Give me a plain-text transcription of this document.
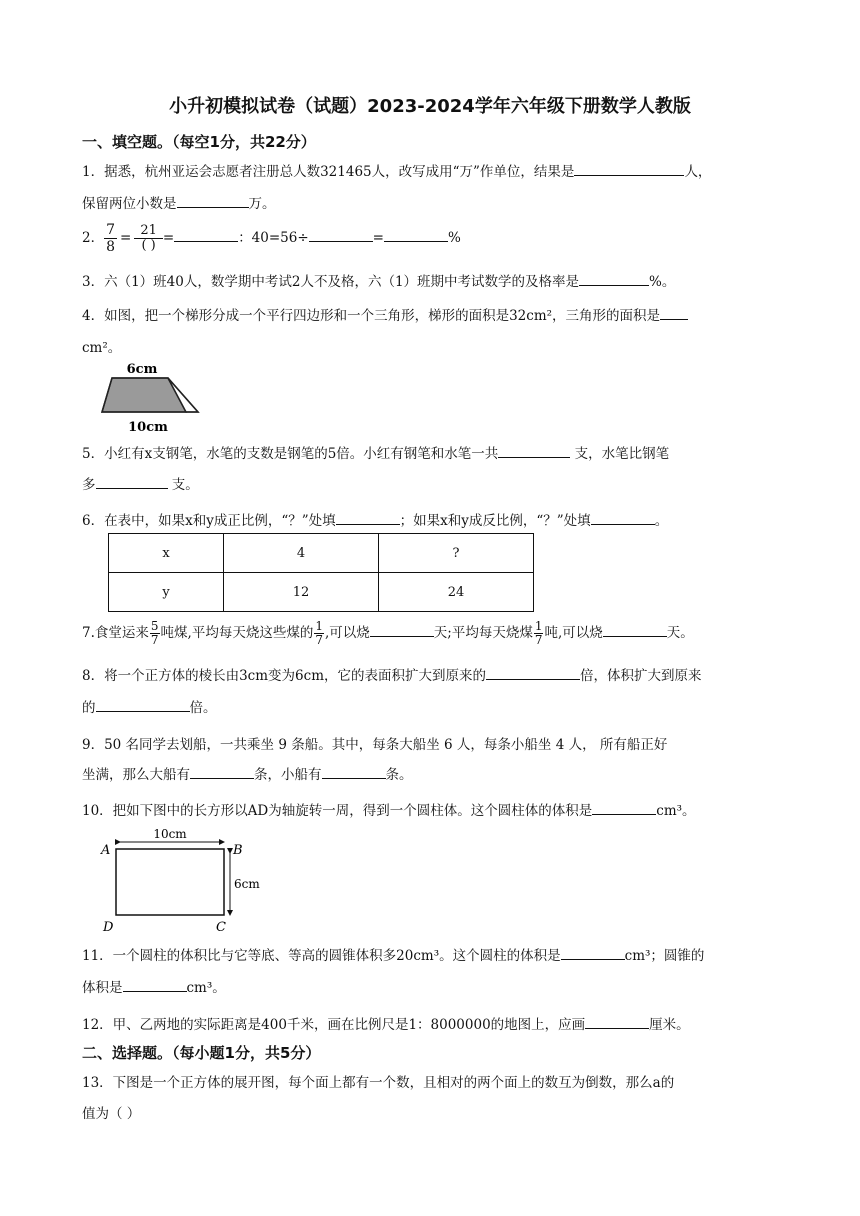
小升初模拟试卷（试题）2023-2024学年六年级下册数学人教版
一、填空题。（每空1分，共22分）
1．据悉，杭州亚运会志愿者注册总人数321465人，改写成用“万”作单位，结果是	人，
保留两位小数是	万。
2． $\frac{7}{8} = 21$
( ) =	：40=56÷	=	%
3．六（1）班40人，数学期中考试2人不及格，六（1）班期中考试数学的及格率是	%。
4．如图，把一个梯形分成一个平行四边形和一个三角形，梯形的面积是32cm²，三角形的面积是
cm²。
6cm
10cm
5．小红有x支钢笔，水笔的支数是钢笔的5倍。小红有钢笔和水笔一共	支，水笔比钢笔
多	支。
6．在表中，如果x和y成正比例，“？”处填	；如果x和y成反比例，“？”处填	。
x	4	?
y	12	24
7.食堂运来 $\frac{5}{7}$ 吨煤,平均每天烧这些煤的 $\frac{1}{7}$ ,可以烧	天;平均每天烧煤 $\frac{1}{7}$ 吨,可以烧	天。
8．将一个正方体的棱长由3cm变为6cm，它的表面积扩大到原来的	倍，体积扩大到原来
的	倍。
9．50 名同学去划船，一共乘坐 9 条船。其中，每条大船坐 6 人，每条小船坐 4 人， 所有船正好
坐满，那么大船有	条，小船有	条。
10．把如下图中的长方形以AD为轴旋转一周，得到一个圆柱体。这个圆柱体的体积是	cm³。
10cm
6cm
A	B
C
D
11．一个圆柱的体积比与它等底、等高的圆锥体积多20cm³。这个圆柱的体积是	cm³；圆锥的
体积是	cm³。
12．甲、乙两地的实际距离是400千米，画在比例尺是1：8000000的地图上，应画	厘米。
二、选择题。（每小题1分，共5分）
13．下图是一个正方体的展开图，每个面上都有一个数，且相对的两个面上的数互为倒数，那么a的
值为（ ）
